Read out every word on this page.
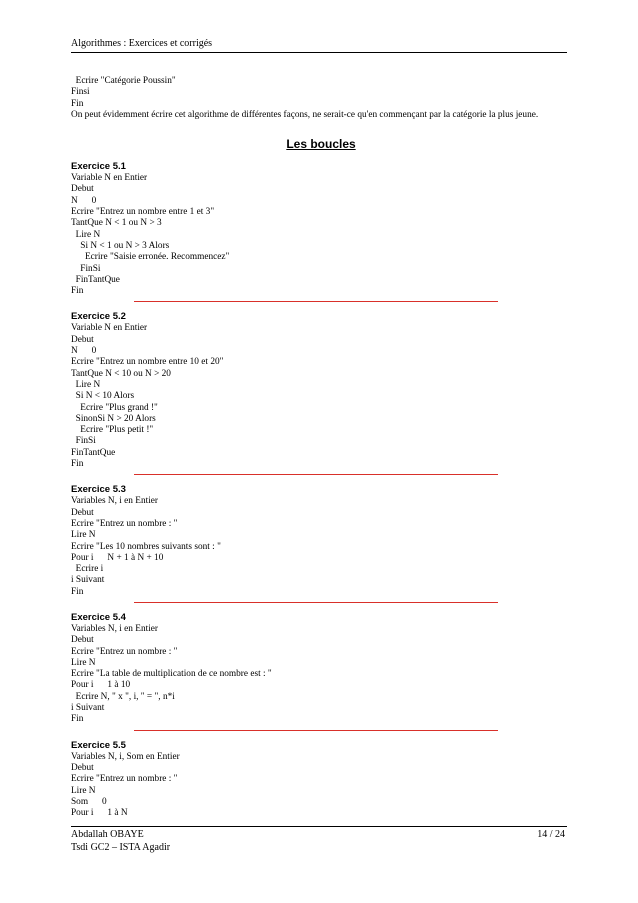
Algorithmes : Exercices et corrigés
Ecrire "Catégorie Poussin"
Finsi
Fin
On peut évidemment écrire cet algorithme de différentes façons, ne serait-ce qu'en commençant par la catégorie la plus jeune.
Les boucles
Exercice 5.1
Variable N en Entier
Debut
N      0
Ecrire "Entrez un nombre entre 1 et 3"
TantQue N < 1 ou N > 3
Lire N
Si N < 1 ou N > 3 Alors
Ecrire "Saisie erronée. Recommencez"
FinSi
FinTantQue
Fin
Exercice 5.2
Variable N en Entier
Debut
N      0
Ecrire "Entrez un nombre entre 10 et 20"
TantQue N < 10 ou N > 20
Lire N
Si N < 10 Alors
Ecrire "Plus grand !"
SinonSi N > 20 Alors
Ecrire "Plus petit !"
FinSi
FinTantQue
Fin
Exercice 5.3
Variables N, i en Entier
Debut
Ecrire "Entrez un nombre : "
Lire N
Ecrire "Les 10 nombres suivants sont : "
Pour i      N + 1 à N + 10
Ecrire i
i Suivant
Fin
Exercice 5.4
Variables N, i en Entier
Debut
Ecrire "Entrez un nombre : "
Lire N
Ecrire "La table de multiplication de ce nombre est : "
Pour i      1 à 10
Ecrire N, " x ", i, " = ", n*i
i Suivant
Fin
Exercice 5.5
Variables N, i, Som en Entier
Debut
Ecrire "Entrez un nombre : "
Lire N
Som      0
Pour i      1 à N
Abdallah OBAYE
Tsdi GC2 – ISTA Agadir
14 / 24
